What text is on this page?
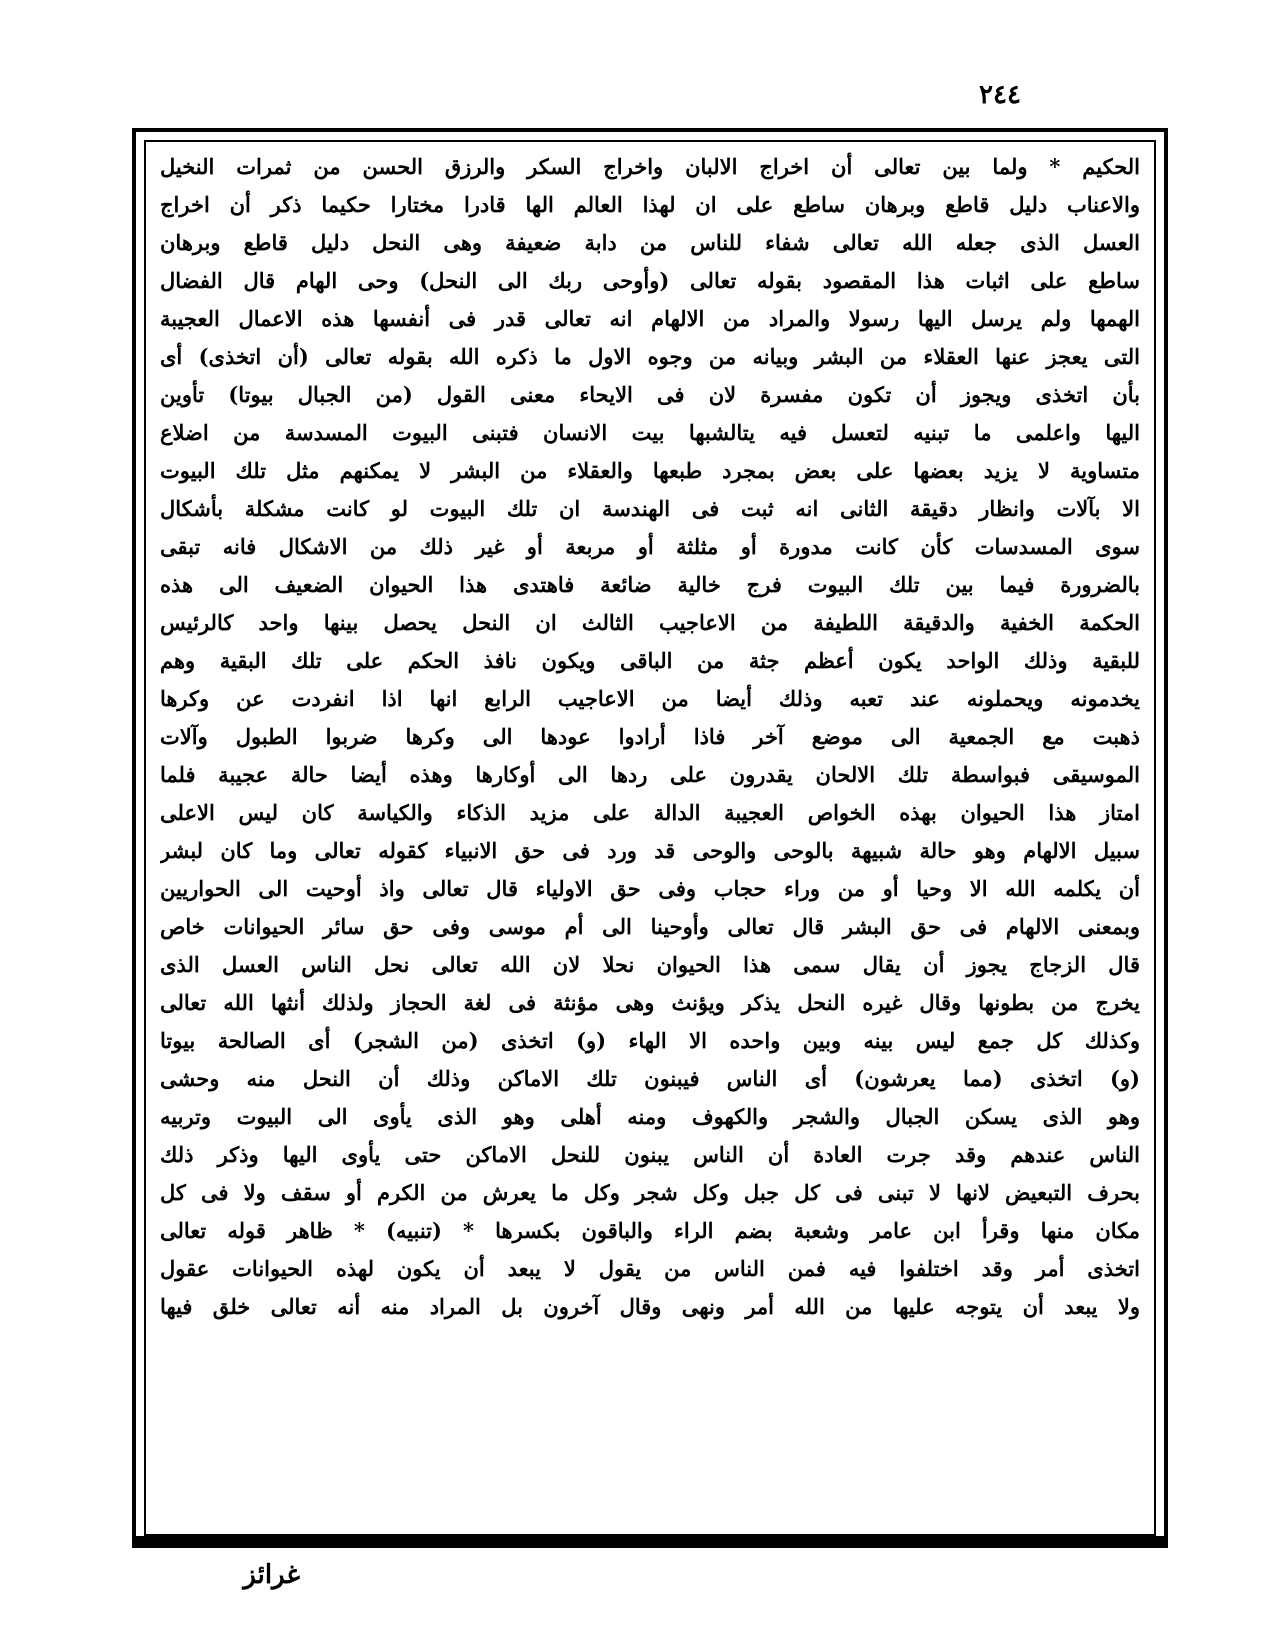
٢٤٤
الحكيم * ولما بين تعالى أن اخراج الالبان واخراج السكر والرزق الحسن من ثمرات النخيل
والاعناب دليل قاطع وبرهان ساطع على ان لهذا العالم الها قادرا مختارا حكيما ذكر أن اخراج
العسل الذى جعله الله تعالى شفاء للناس من دابة ضعيفة وهى النحل دليل قاطع وبرهان
ساطع على اثبات هذا المقصود بقوله تعالى (وأوحى ربك الى النحل) وحى الهام قال الفضال
الهمها ولم يرسل اليها رسولا والمراد من الالهام انه تعالى قدر فى أنفسها هذه الاعمال العجيبة
التى يعجز عنها العقلاء من البشر وبيانه من وجوه الاول ما ذكره الله بقوله تعالى (أن اتخذى) أى
بأن اتخذى ويجوز أن تكون مفسرة لان فى الايحاء معنى القول (من الجبال بيوتا) تأوين
اليها واعلمى ما تبنيه لتعسل فيه يتالشبها بيت الانسان فتبنى البيوت المسدسة من اضلاع
متساوية لا يزيد بعضها على بعض بمجرد طبعها والعقلاء من البشر لا يمكنهم مثل تلك البيوت
الا بآلات وانظار دقيقة الثانى انه ثبت فى الهندسة ان تلك البيوت لو كانت مشكلة بأشكال
سوى المسدسات كأن كانت مدورة أو مثلثة أو مربعة أو غير ذلك من الاشكال فانه تبقى
بالضرورة فيما بين تلك البيوت فرج خالية ضائعة فاهتدى هذا الحيوان الضعيف الى هذه
الحكمة الخفية والدقيقة اللطيفة من الاعاجيب الثالث ان النحل يحصل بينها واحد كالرئيس
للبقية وذلك الواحد يكون أعظم جثة من الباقى ويكون نافذ الحكم على تلك البقية وهم
يخدمونه ويحملونه عند تعبه وذلك أيضا من الاعاجيب الرابع انها اذا انفردت عن وكرها
ذهبت مع الجمعية الى موضع آخر فاذا أرادوا عودها الى وكرها ضربوا الطبول وآلات
الموسيقى فبواسطة تلك الالحان يقدرون على ردها الى أوكارها وهذه أيضا حالة عجيبة فلما
امتاز هذا الحيوان بهذه الخواص العجيبة الدالة على مزيد الذكاء والكياسة كان ليس الاعلى
سبيل الالهام وهو حالة شبيهة بالوحى والوحى قد ورد فى حق الانبياء كقوله تعالى وما كان لبشر
أن يكلمه الله الا وحيا أو من وراء حجاب وفى حق الاولياء قال تعالى واذ أوحيت الى الحواريين
وبمعنى الالهام فى حق البشر قال تعالى وأوحينا الى أم موسى وفى حق سائر الحيوانات خاص
قال الزجاج يجوز أن يقال سمى هذا الحيوان نحلا لان الله تعالى نحل الناس العسل الذى
يخرج من بطونها وقال غيره النحل يذكر ويؤنث وهى مؤنثة فى لغة الحجاز ولذلك أنثها الله تعالى
وكذلك كل جمع ليس بينه وبين واحده الا الهاء (و) اتخذى (من الشجر) أى الصالحة بيوتا
(و) اتخذى (مما يعرشون) أى الناس فيبنون تلك الاماكن وذلك أن النحل منه وحشى
وهو الذى يسكن الجبال والشجر والكهوف ومنه أهلى وهو الذى يأوى الى البيوت وتربيه
الناس عندهم وقد جرت العادة أن الناس يبنون للنحل الاماكن حتى يأوى اليها وذكر ذلك
بحرف التبعيض لانها لا تبنى فى كل جبل وكل شجر وكل ما يعرش من الكرم أو سقف ولا فى كل
مكان منها وقرأ ابن عامر وشعبة بضم الراء والباقون بكسرها * (تنبيه) * ظاهر قوله تعالى
اتخذى أمر وقد اختلفوا فيه فمن الناس من يقول لا يبعد أن يكون لهذه الحيوانات عقول
ولا يبعد أن يتوجه عليها من الله أمر ونهى وقال آخرون بل المراد منه أنه تعالى خلق فيها
غرائز
